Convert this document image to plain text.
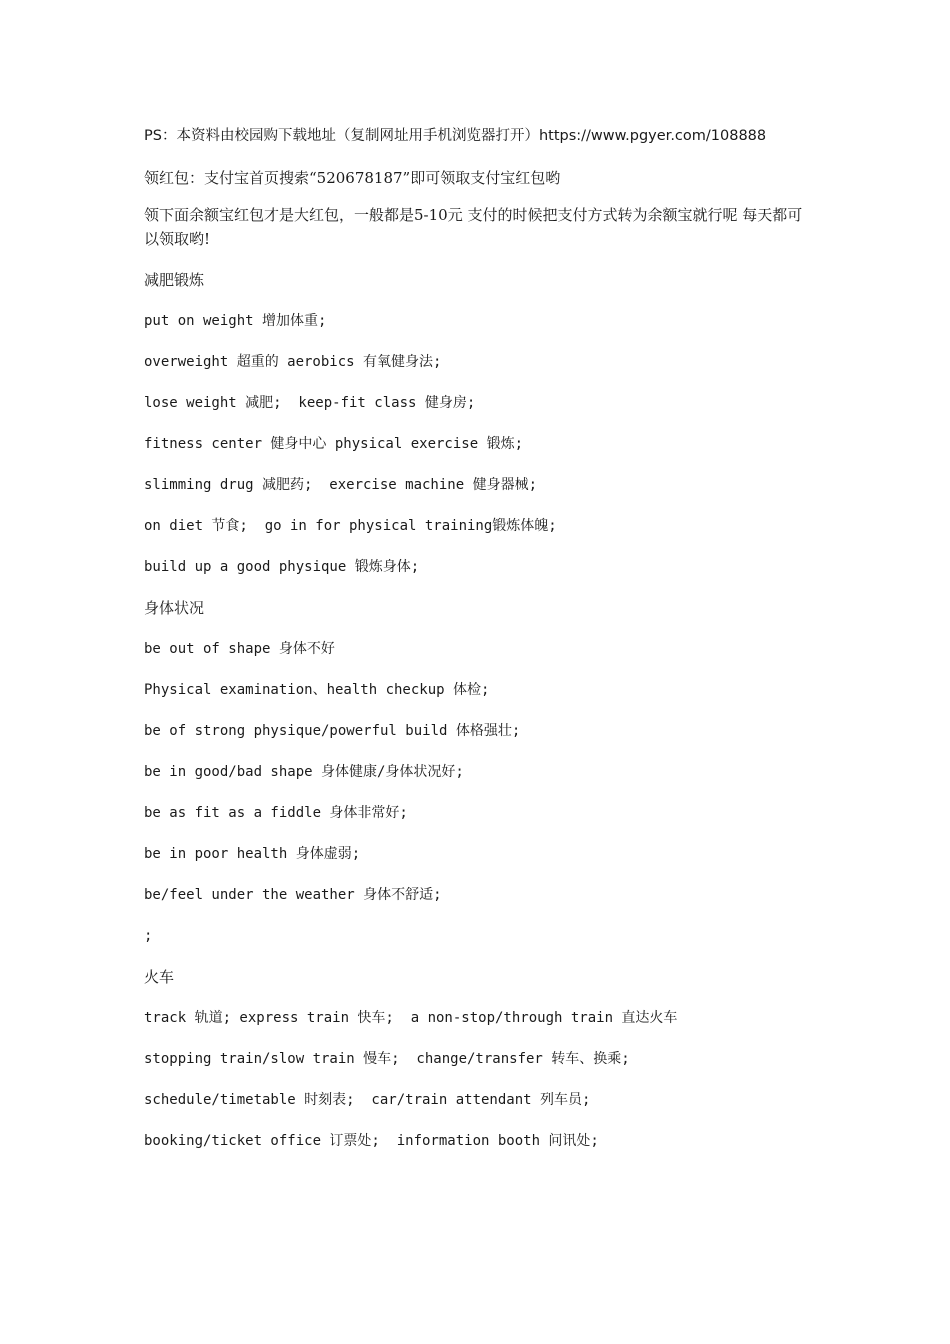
PS：本资料由校园购下载地址（复制网址用手机浏览器打开）https://www.pgyer.com/108888

领红包：支付宝首页搜索“520678187”即可领取支付宝红包哟

领下面余额宝红包才是大红包，一般都是5-10元 支付的时候把支付方式转为余额宝就行呢 每天都可以领取哟!

减肥锻炼

put on weight 增加体重;

overweight 超重的 aerobics 有氧健身法;

lose weight 减肥;  keep-fit class 健身房;

fitness center 健身中心 physical exercise 锻炼;

slimming drug 减肥药;  exercise machine 健身器械;

on diet 节食;  go in for physical training锻炼体魄;

build up a good physique 锻炼身体;

身体状况

be out of shape 身体不好

Physical examination、health checkup 体检;

be of strong physique/powerful build 体格强壮;

be in good/bad shape 身体健康/身体状况好;

be as fit as a fiddle 身体非常好;

be in poor health 身体虚弱;

be/feel under the weather 身体不舒适;

;

火车

track 轨道; express train 快车;  a non-stop/through train 直达火车

stopping train/slow train 慢车;  change/transfer 转车、换乘;

schedule/timetable 时刻表;  car/train attendant 列车员;

booking/ticket office 订票处;  information booth 问讯处;
